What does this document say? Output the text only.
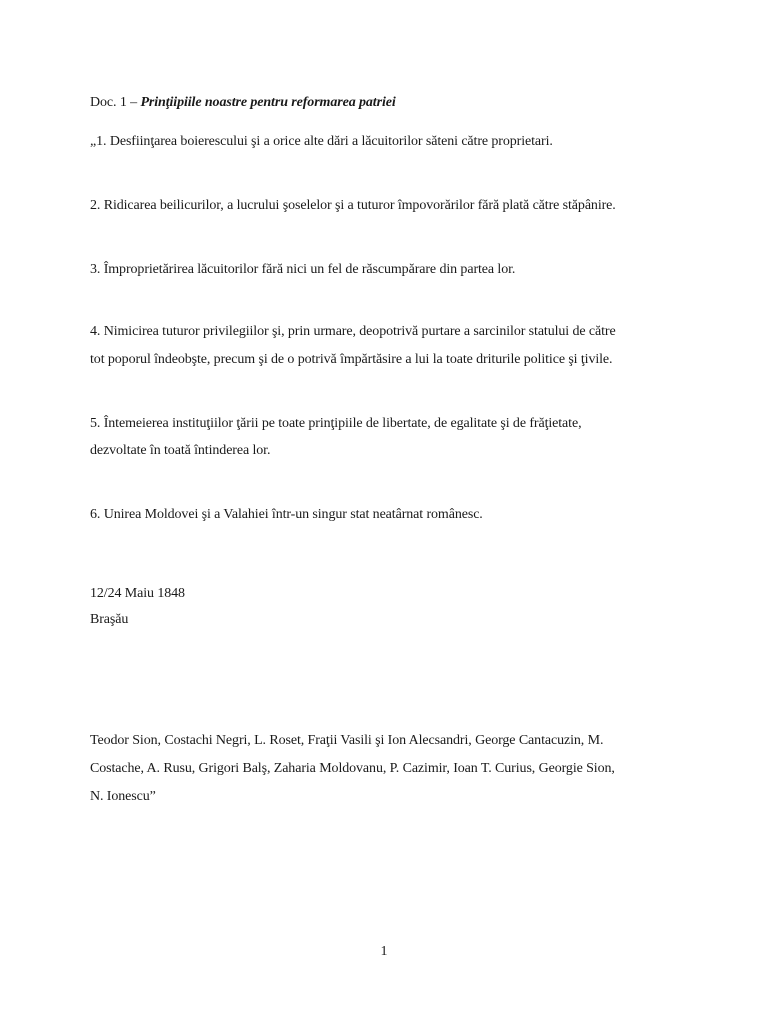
Doc. 1 – Prinţiipiile noastre pentru reformarea patriei
„1. Desfiinţarea boierescului şi a orice alte dări a lăcuitorilor săteni către proprietari.
2. Ridicarea beilicurilor, a lucrului şoselelor şi a tuturor împovorărilor fără plată către stăpânire.
3. Împroprietărirea lăcuitorilor fără nici un fel de răscumpărare din partea lor.
4. Nimicirea tuturor privilegiilor şi, prin urmare, deopotrivă purtare a sarcinilor statului de către
tot poporul îndeobşte, precum şi de o potrivă împărtăsire a lui la toate driturile politice şi ţivile.
5. Întemeierea instituţiilor ţării pe toate prinţipiile de libertate, de egalitate şi de frăţietate,
dezvoltate în toată întinderea lor.
6. Unirea Moldovei şi a Valahiei într-un singur stat neatârnat românesc.
12/24 Maiu 1848
Braşău
Teodor Sion, Costachi Negri, L. Roset, Fraţii Vasili şi Ion Alecsandri, George Cantacuzin, M.
Costache, A. Rusu, Grigori Balş, Zaharia Moldovanu, P. Cazimir, Ioan T. Curius, Georgie Sion,
N. Ionescu”
1
